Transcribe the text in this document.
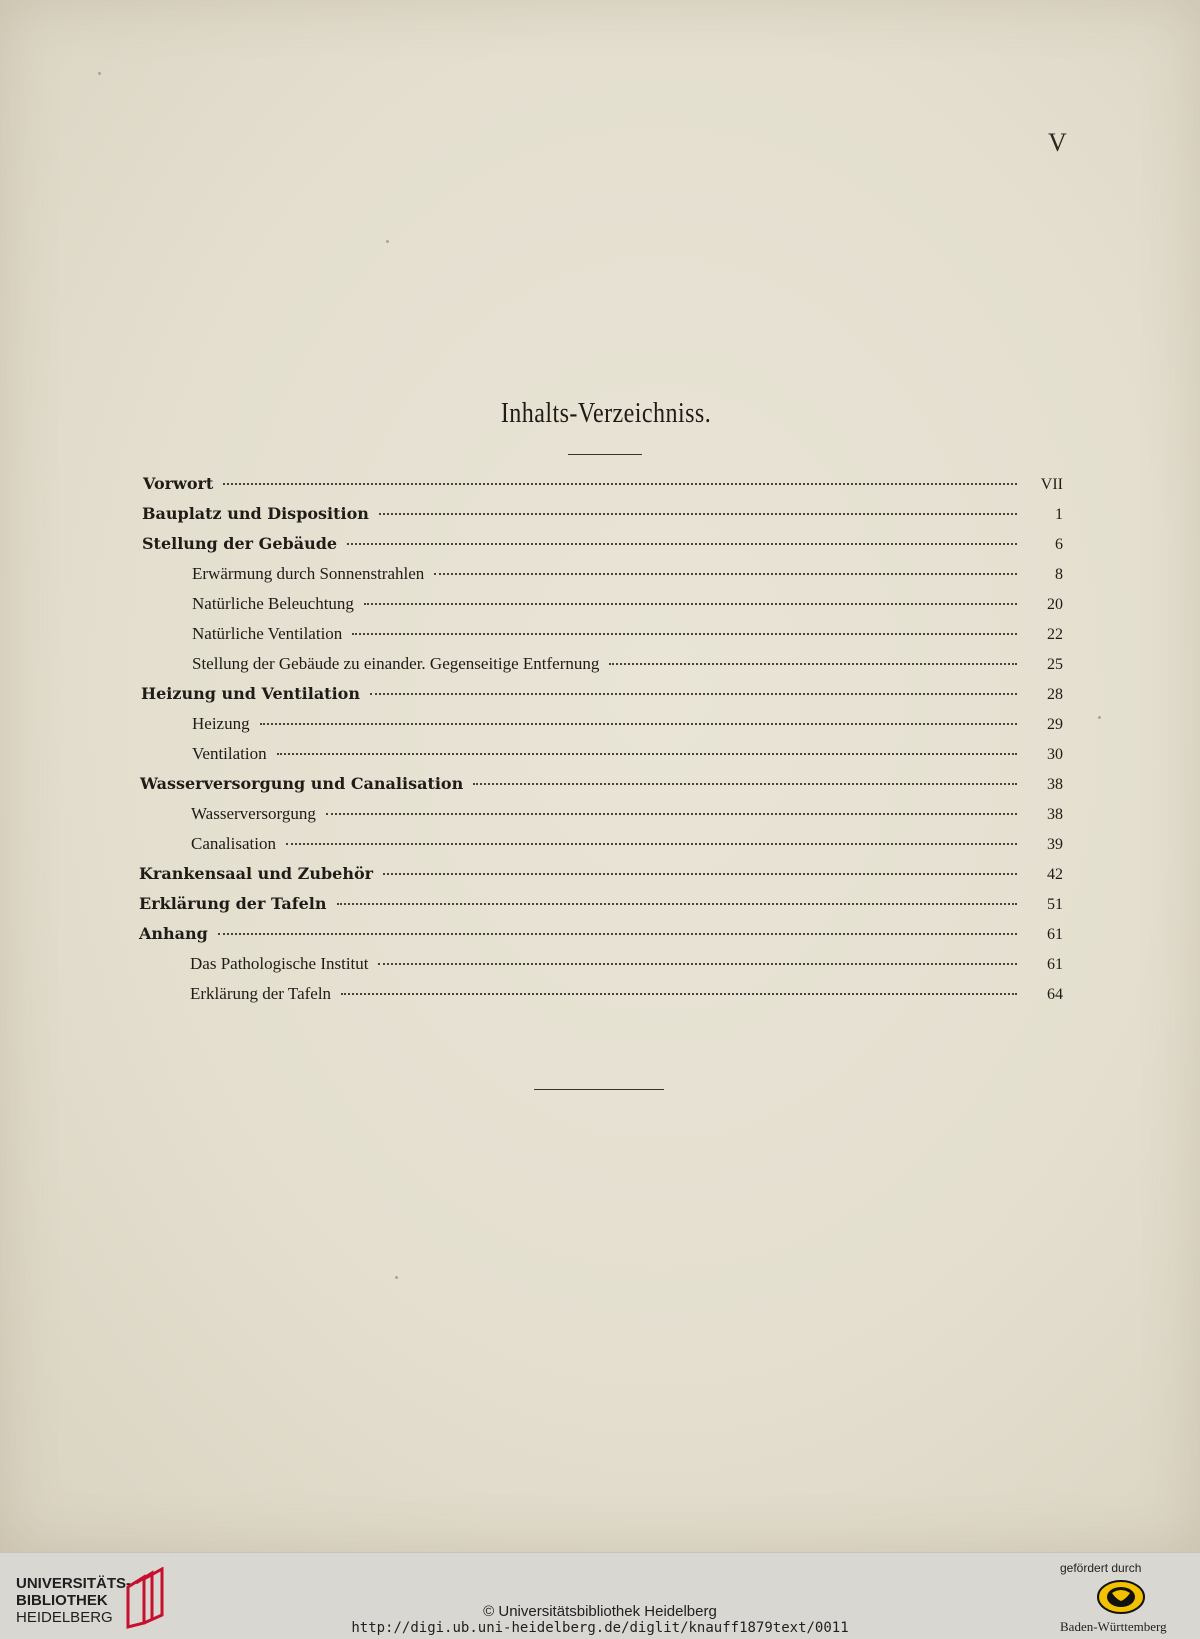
V
Inhalts-Verzeichniss.
Vorwort	VII
Bauplatz und Disposition	1
Stellung der Gebäude	6
Erwärmung durch Sonnenstrahlen	8
Natürliche Beleuchtung	20
Natürliche Ventilation	22
Stellung der Gebäude zu einander. Gegenseitige Entfernung	25
Heizung und Ventilation	28
Heizung	29
Ventilation	30
Wasserversorgung und Canalisation	38
Wasserversorgung	38
Canalisation	39
Krankensaal und Zubehör	42
Erklärung der Tafeln	51
Anhang	61
Das Pathologische Institut	61
Erklärung der Tafeln	64
UNIVERSITÄTS-
BIBLIOTHEK
HEIDELBERG	© Universitätsbibliothek Heidelberg
http://digi.ub.uni-heidelberg.de/diglit/knauff1879text/0011
gefördert durch
Baden-Württemberg
